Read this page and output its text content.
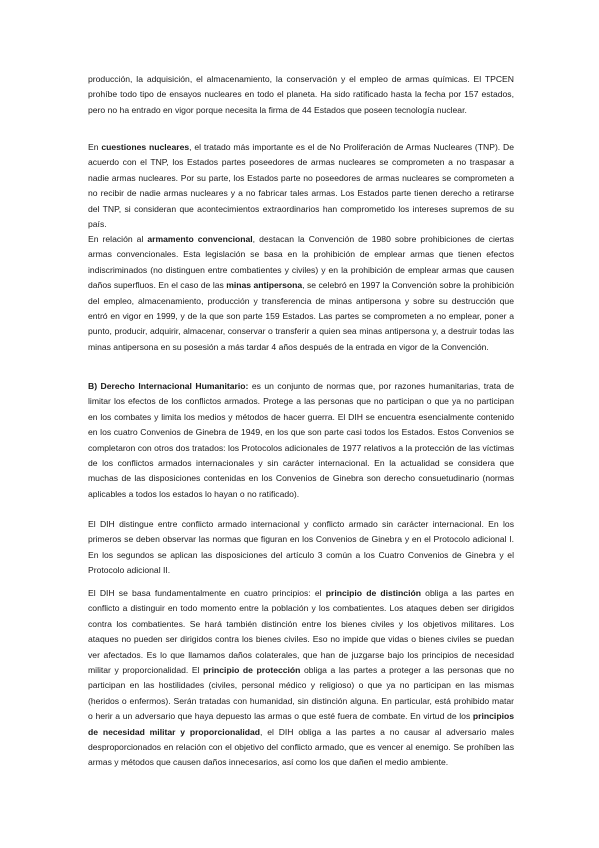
producción, la adquisición, el almacenamiento, la conservación y el empleo de armas químicas. El TPCEN prohíbe todo tipo de ensayos nucleares en todo el planeta. Ha sido ratificado hasta la fecha por 157 estados, pero no ha entrado en vigor porque necesita la firma de 44 Estados que poseen tecnología nuclear.

En cuestiones nucleares, el tratado más importante es el de No Proliferación de Armas Nucleares (TNP). De acuerdo con el TNP, los Estados partes poseedores de armas nucleares se comprometen a no traspasar a nadie armas nucleares. Por su parte, los Estados parte no poseedores de armas nucleares se comprometen a no recibir de nadie armas nucleares y a no fabricar tales armas. Los Estados parte tienen derecho a retirarse del TNP, si consideran que acontecimientos extraordinarios han comprometido los intereses supremos de su país.

En relación al armamento convencional, destacan la Convención de 1980 sobre prohibiciones de ciertas armas convencionales. Esta legislación se basa en la prohibición de emplear armas que tienen efectos indiscriminados (no distinguen entre combatientes y civiles) y en la prohibición de emplear armas que causen daños superfluos. En el caso de las minas antipersona, se celebró en 1997 la Convención sobre la prohibición del empleo, almacenamiento, producción y transferencia de minas antipersona y sobre su destrucción que entró en vigor en 1999, y de la que son parte 159 Estados. Las partes se comprometen a no emplear, poner a punto, producir, adquirir, almacenar, conservar o transferir a quien sea minas antipersona y, a destruir todas las minas antipersona en su posesión a más tardar 4 años después de la entrada en vigor de la Convención.

B) Derecho Internacional Humanitario: es un conjunto de normas que, por razones humanitarias, trata de limitar los efectos de los conflictos armados. Protege a las personas que no participan o que ya no participan en los combates y limita los medios y métodos de hacer guerra. El DIH se encuentra esencialmente contenido en los cuatro Convenios de Ginebra de 1949, en los que son parte casi todos los Estados. Estos Convenios se completaron con otros dos tratados: los Protocolos adicionales de 1977 relativos a la protección de las víctimas de los conflictos armados internacionales y sin carácter internacional. En la actualidad se considera que muchas de las disposiciones contenidas en los Convenios de Ginebra son derecho consuetudinario (normas aplicables a todos los estados lo hayan o no ratificado).

El DIH distingue entre conflicto armado internacional y conflicto armado sin carácter internacional. En los primeros se deben observar las normas que figuran en los Convenios de Ginebra y en el Protocolo adicional I. En los segundos se aplican las disposiciones del artículo 3 común a los Cuatro Convenios de Ginebra y el Protocolo adicional II.

El DIH se basa fundamentalmente en cuatro principios: el principio de distinción obliga a las partes en conflicto a distinguir en todo momento entre la población y los combatientes. Los ataques deben ser dirigidos contra los combatientes. Se hará también distinción entre los bienes civiles y los objetivos militares. Los ataques no pueden ser dirigidos contra los bienes civiles. Eso no impide que vidas o bienes civiles se puedan ver afectados. Es lo que llamamos daños colaterales, que han de juzgarse bajo los principios de necesidad militar y proporcionalidad. El principio de protección obliga a las partes a proteger a las personas que no participan en las hostilidades (civiles, personal médico y religioso) o que ya no participan en las mismas (heridos o enfermos). Serán tratadas con humanidad, sin distinción alguna. En particular, está prohibido matar o herir a un adversario que haya depuesto las armas o que esté fuera de combate. En virtud de los principios de necesidad militar y proporcionalidad, el DIH obliga a las partes a no causar al adversario males desproporcionados en relación con el objetivo del conflicto armado, que es vencer al enemigo. Se prohíben las armas y métodos que causen daños innecesarios, así como los que dañen el medio ambiente.
